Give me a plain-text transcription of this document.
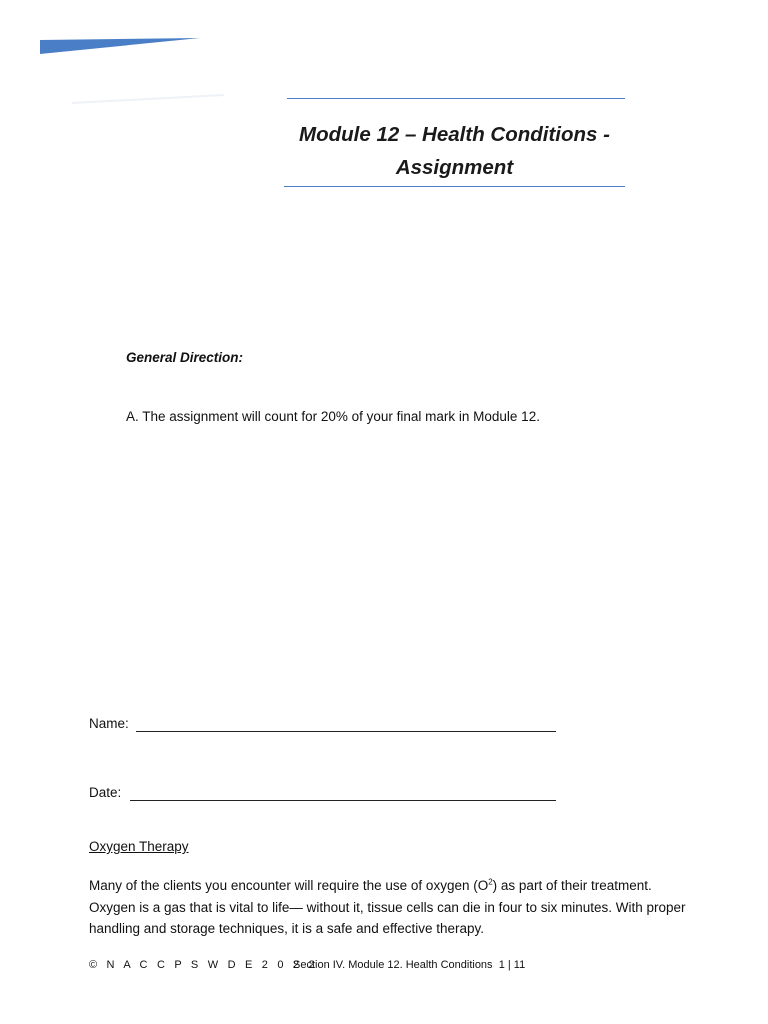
Module 12 – Health Conditions -
Assignment
General Direction:
A. The assignment will count for 20% of your final mark in Module 12.
Name:
Date:
Oxygen Therapy
Many of the clients you encounter will require the use of oxygen $(O^2)$ as part of their treatment. Oxygen is a gas that is vital to life— without it, tissue cells can die in four to six minutes. With proper handling and storage techniques, it is a safe and effective therapy.
© N A C C P S W D E 2 0 2 2
Section IV. Module 12. Health Conditions 1 | 11
